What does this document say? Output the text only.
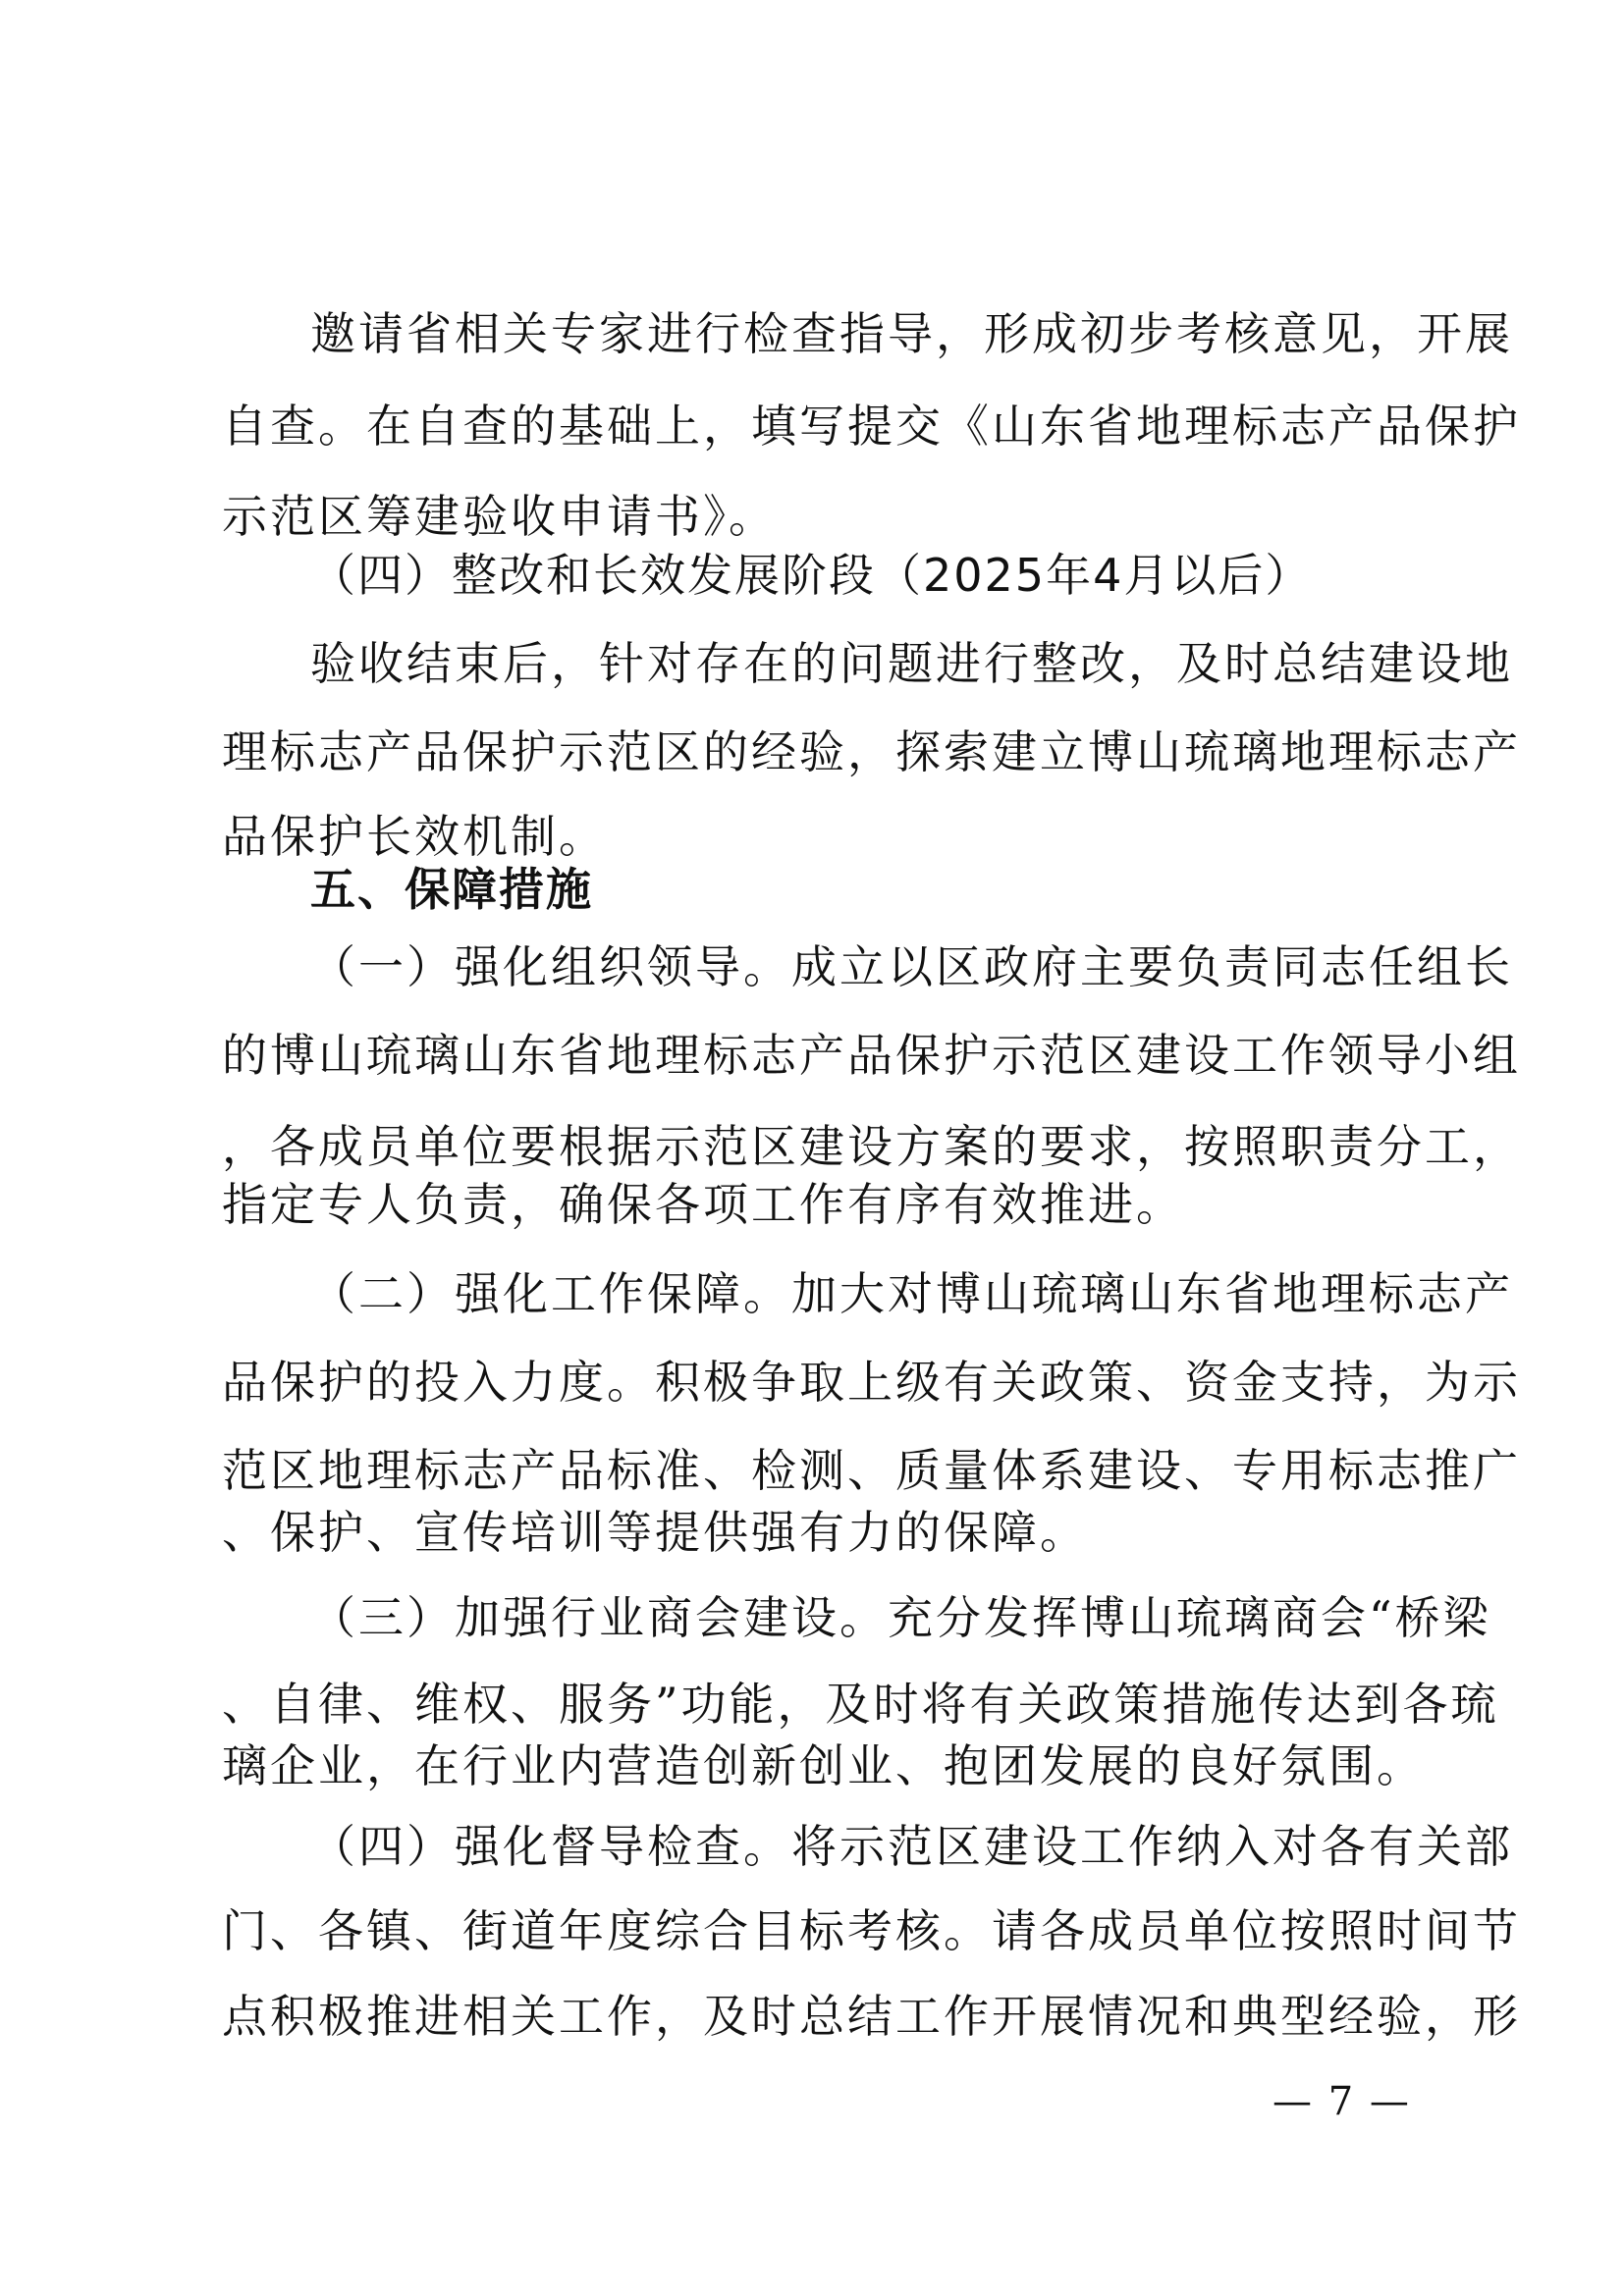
邀请省相关专家进行检查指导，形成初步考核意见，开展
自查。在自查的基础上，填写提交《山东省地理标志产品保护
示范区筹建验收申请书》。
（四）整改和长效发展阶段（2025年4月以后）
验收结束后，针对存在的问题进行整改，及时总结建设地
理标志产品保护示范区的经验，探索建立博山琉璃地理标志产
品保护长效机制。
五、保障措施
（一）强化组织领导。成立以区政府主要负责同志任组长
的博山琉璃山东省地理标志产品保护示范区建设工作领导小组
，各成员单位要根据示范区建设方案的要求，按照职责分工，
指定专人负责，确保各项工作有序有效推进。
（二）强化工作保障。加大对博山琉璃山东省地理标志产
品保护的投入力度。积极争取上级有关政策、资金支持，为示
范区地理标志产品标准、检测、质量体系建设、专用标志推广
、保护、宣传培训等提供强有力的保障。
（三）加强行业商会建设。充分发挥博山琉璃商会“桥梁
、自律、维权、服务”功能，及时将有关政策措施传达到各琉
璃企业，在行业内营造创新创业、抱团发展的良好氛围。
（四）强化督导检查。将示范区建设工作纳入对各有关部
门、各镇、街道年度综合目标考核。请各成员单位按照时间节
点积极推进相关工作，及时总结工作开展情况和典型经验，形
— 7 —
